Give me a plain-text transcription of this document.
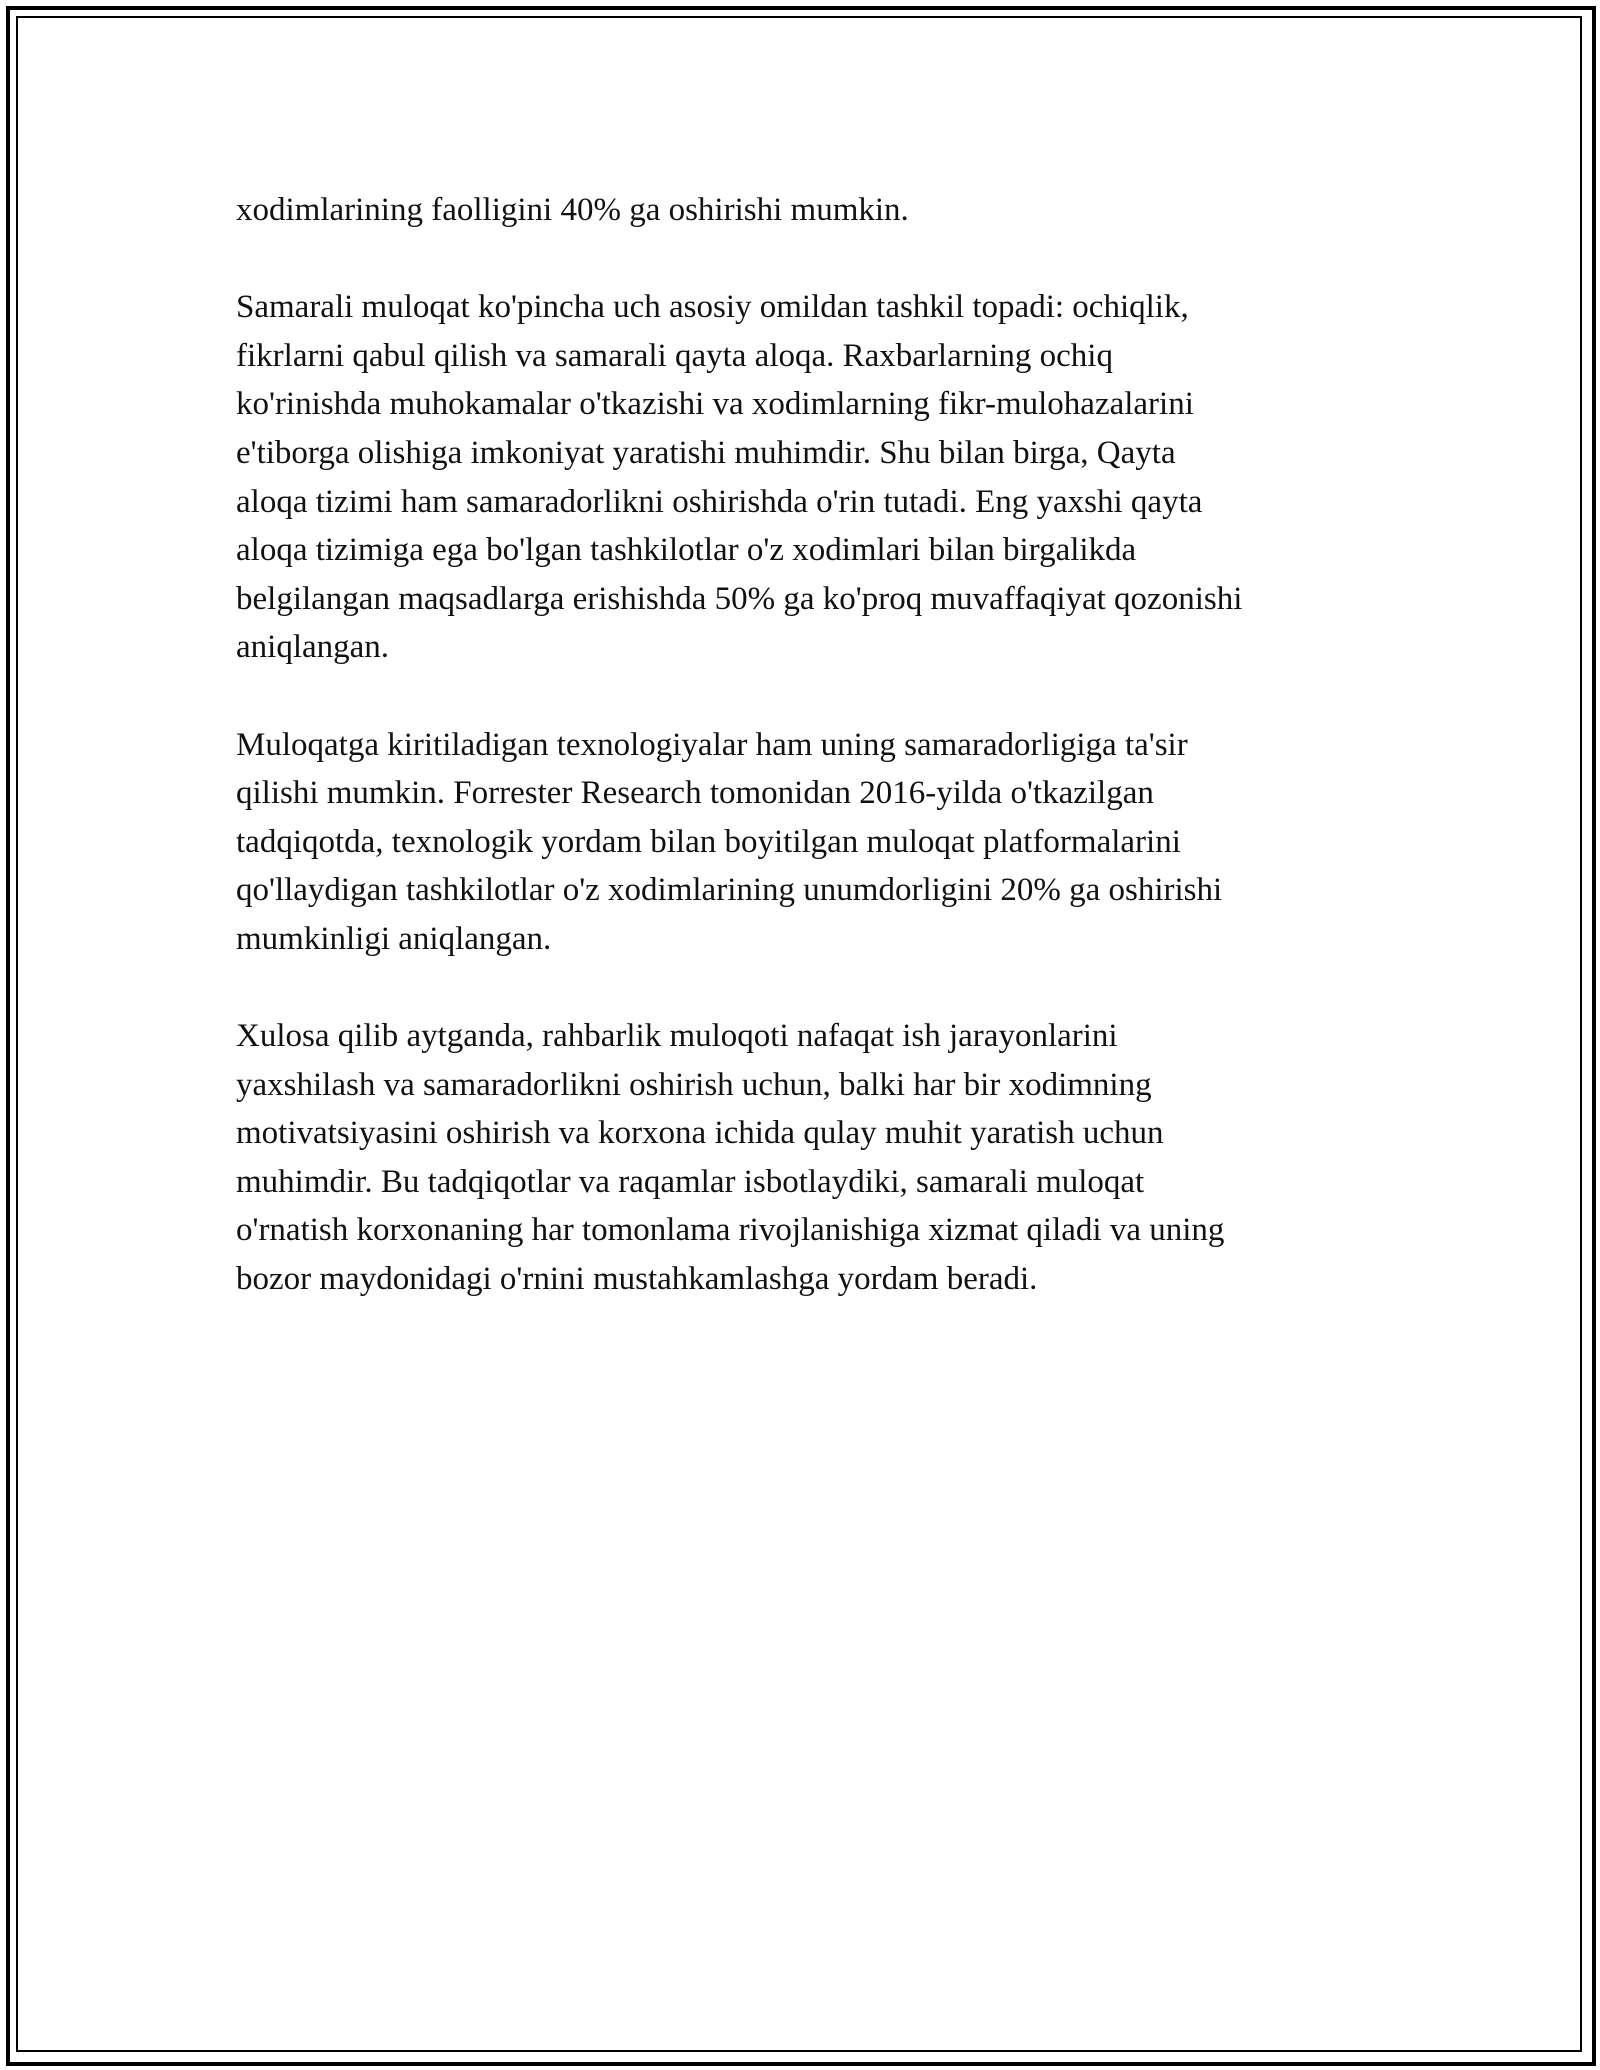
xodimlarining faolligini 40% ga oshirishi mumkin.

Samarali muloqat ko'pincha uch asosiy omildan tashkil topadi: ochiqlik,
fikrlarni qabul qilish va samarali qayta aloqa. Raxbarlarning ochiq
ko'rinishda muhokamalar o'tkazishi va xodimlarning fikr-mulohazalarini
e'tiborga olishiga imkoniyat yaratishi muhimdir. Shu bilan birga, Qayta
aloqa tizimi ham samaradorlikni oshirishda o'rin tutadi. Eng yaxshi qayta
aloqa tizimiga ega bo'lgan tashkilotlar o'z xodimlari bilan birgalikda
belgilangan maqsadlarga erishishda 50% ga ko'proq muvaffaqiyat qozonishi
aniqlangan.

Muloqatga kiritiladigan texnologiyalar ham uning samaradorligiga ta'sir
qilishi mumkin. Forrester Research tomonidan 2016-yilda o'tkazilgan
tadqiqotda, texnologik yordam bilan boyitilgan muloqat platformalarini
qo'llaydigan tashkilotlar o'z xodimlarining unumdorligini 20% ga oshirishi
mumkinligi aniqlangan.

Xulosa qilib aytganda, rahbarlik muloqoti nafaqat ish jarayonlarini
yaxshilash va samaradorlikni oshirish uchun, balki har bir xodimning
motivatsiyasini oshirish va korxona ichida qulay muhit yaratish uchun
muhimdir. Bu tadqiqotlar va raqamlar isbotlaydiki, samarali muloqat
o'rnatish korxonaning har tomonlama rivojlanishiga xizmat qiladi va uning
bozor maydonidagi o'rnini mustahkamlashga yordam beradi.
